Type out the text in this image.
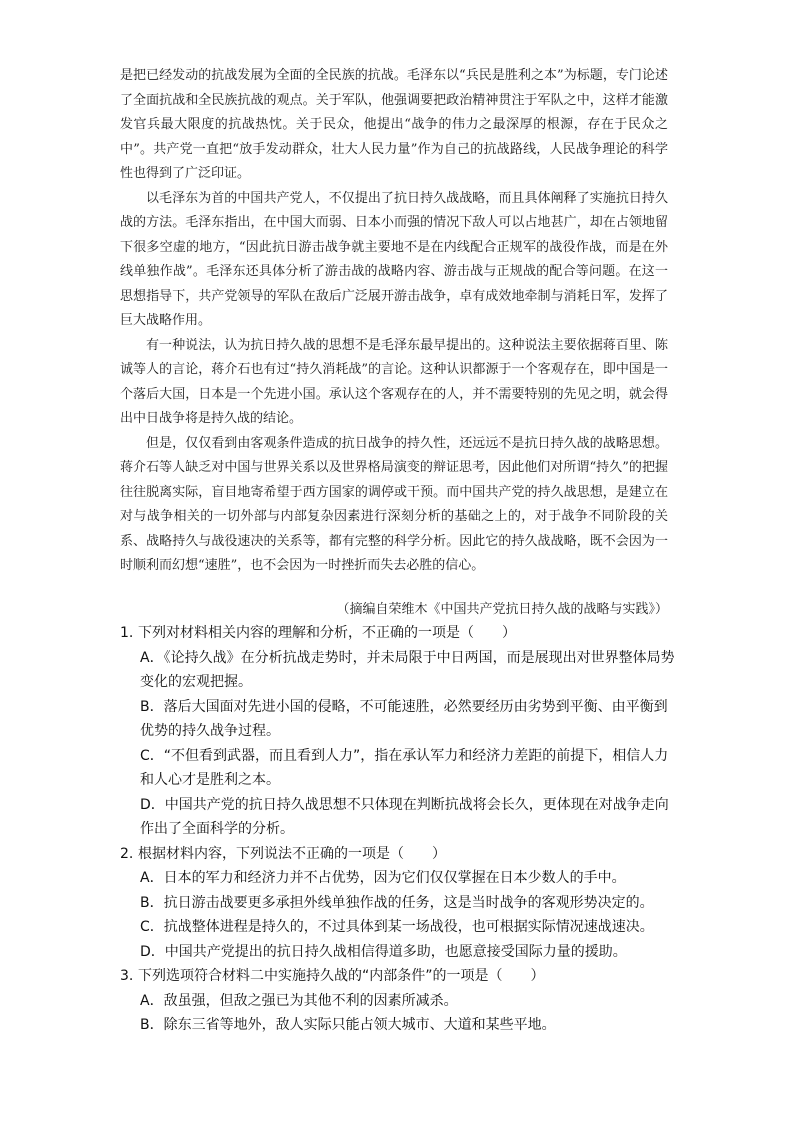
是把已经发动的抗战发展为全面的全民族的抗战。毛泽东以“兵民是胜利之本”为标题，专门论述了全面抗战和全民族抗战的观点。关于军队，他强调要把政治精神贯注于军队之中，这样才能激发官兵最大限度的抗战热忱。关于民众，他提出“战争的伟力之最深厚的根源，存在于民众之中”。共产党一直把“放手发动群众，壮大人民力量”作为自己的抗战路线，人民战争理论的科学性也得到了广泛印证。

以毛泽东为首的中国共产党人，不仅提出了抗日持久战战略，而且具体阐释了实施抗日持久战的方法。毛泽东指出，在中国大而弱、日本小而强的情况下敌人可以占地甚广，却在占领地留下很多空虚的地方，“因此抗日游击战争就主要地不是在内线配合正规军的战役作战，而是在外线单独作战”。毛泽东还具体分析了游击战的战略内容、游击战与正规战的配合等问题。在这一思想指导下，共产党领导的军队在敌后广泛展开游击战争，卓有成效地牵制与消耗日军，发挥了巨大战略作用。

有一种说法，认为抗日持久战的思想不是毛泽东最早提出的。这种说法主要依据蒋百里、陈诚等人的言论，蒋介石也有过“持久消耗战”的言论。这种认识都源于一个客观存在，即中国是一个落后大国，日本是一个先进小国。承认这个客观存在的人，并不需要特别的先见之明，就会得出中日战争将是持久战的结论。

但是，仅仅看到由客观条件造成的抗日战争的持久性，还远远不是抗日持久战的战略思想。蒋介石等人缺乏对中国与世界关系以及世界格局演变的辩证思考，因此他们对所谓“持久”的把握往往脱离实际，盲目地寄希望于西方国家的调停或干预。而中国共产党的持久战思想，是建立在对与战争相关的一切外部与内部复杂因素进行深刻分析的基础之上的，对于战争不同阶段的关系、战略持久与战役速决的关系等，都有完整的科学分析。因此它的持久战战略，既不会因为一时顺利而幻想“速胜”，也不会因为一时挫折而失去必胜的信心。

（摘编自荣维木《中国共产党抗日持久战的战略与实践》）

1. 下列对材料相关内容的理解和分析，不正确的一项是（　　）

A．《论持久战》在分析抗战走势时，并未局限于中日两国，而是展现出对世界整体局势变化的宏观把握。

B．落后大国面对先进小国的侵略，不可能速胜，必然要经历由劣势到平衡、由平衡到优势的持久战争过程。

C．“不但看到武器，而且看到人力”，指在承认军力和经济力差距的前提下，相信人力和人心才是胜利之本。

D．中国共产党的抗日持久战思想不只体现在判断抗战将会长久，更体现在对战争走向作出了全面科学的分析。

2. 根据材料内容，下列说法不正确的一项是（　　）

A．日本的军力和经济力并不占优势，因为它们仅仅掌握在日本少数人的手中。

B．抗日游击战要更多承担外线单独作战的任务，这是当时战争的客观形势决定的。

C．抗战整体进程是持久的，不过具体到某一场战役，也可根据实际情况速战速决。

D．中国共产党提出的抗日持久战相信得道多助，也愿意接受国际力量的援助。

3. 下列选项符合材料二中实施持久战的“内部条件”的一项是（　　）

A．敌虽强，但敌之强已为其他不利的因素所减杀。

B．除东三省等地外，敌人实际只能占领大城市、大道和某些平地。
